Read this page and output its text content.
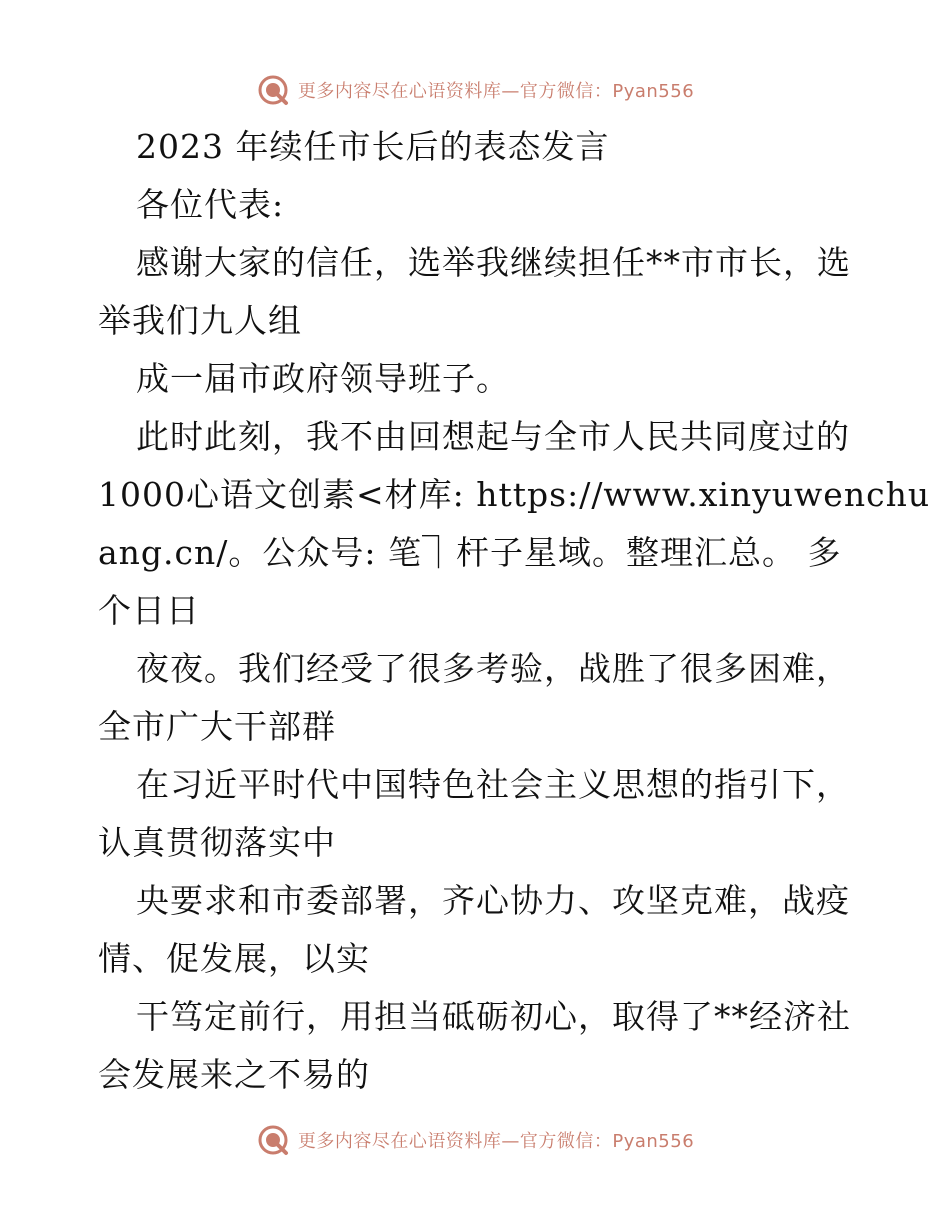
更多内容尽在心语资料库—官方微信：Pyan556
2023 年续任市长后的表态发言
各位代表:
感谢大家的信任，选举我继续担任**市市长，选
举我们九人组
成一届市政府领导班子。
此时此刻，我不由回想起与全市人民共同度过的
1000心语文创素<材库: https://www.xinyuwenchu
ang.cn/。公众号: 笔⏋杆子星域。整理汇总。 多
个日日
夜夜。我们经受了很多考验，战胜了很多困难，
全市广大干部群
在习近平时代中国特色社会主义思想的指引下，
认真贯彻落实中
央要求和市委部署，齐心协力、攻坚克难，战疫
情、促发展，以实
干笃定前行，用担当砥砺初心，取得了**经济社
会发展来之不易的
更多内容尽在心语资料库—官方微信：Pyan556
